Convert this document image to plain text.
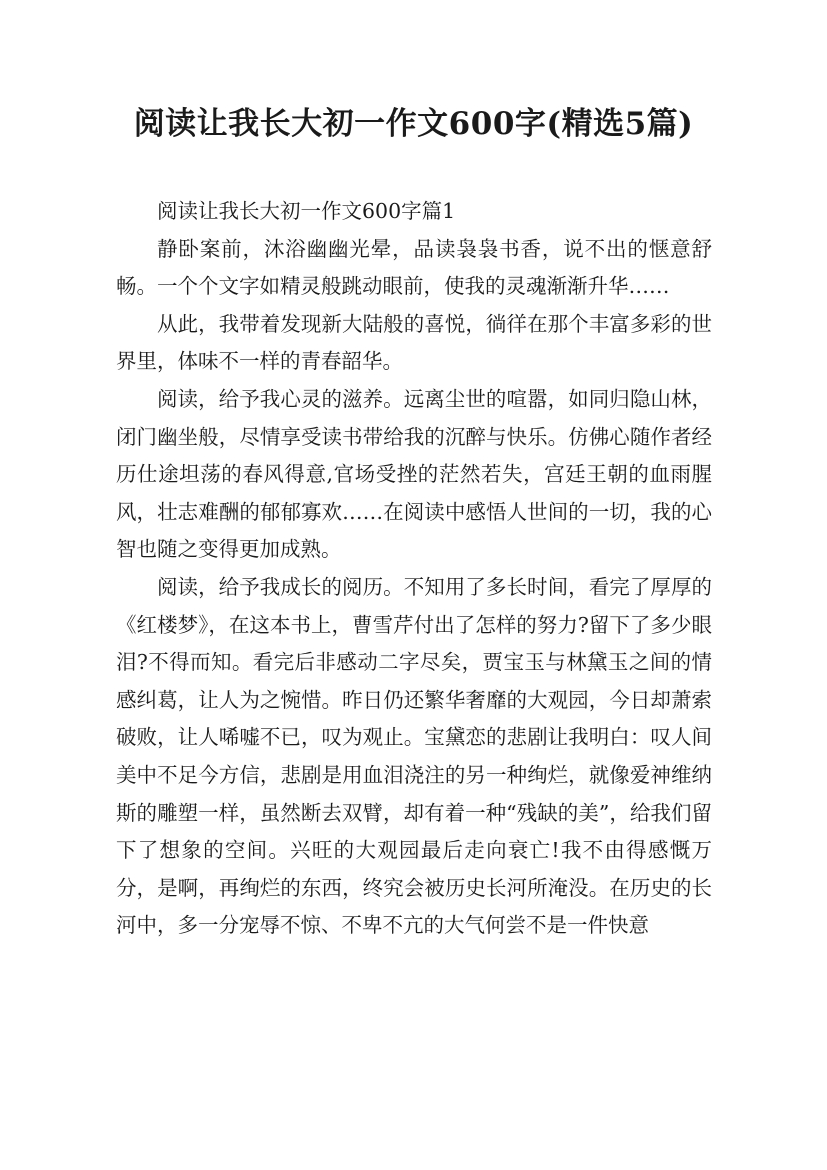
阅读让我长大初一作文600字(精选5篇)

阅读让我长大初一作文600字篇1

静卧案前，沐浴幽幽光晕，品读袅袅书香，说不出的惬意舒畅。一个个文字如精灵般跳动眼前，使我的灵魂渐渐升华……

从此，我带着发现新大陆般的喜悦，徜徉在那个丰富多彩的世界里，体味不一样的青春韶华。

阅读，给予我心灵的滋养。远离尘世的喧嚣，如同归隐山林，闭门幽坐般，尽情享受读书带给我的沉醉与快乐。仿佛心随作者经历仕途坦荡的春风得意,官场受挫的茫然若失，宫廷王朝的血雨腥风，壮志难酬的郁郁寡欢……在阅读中感悟人世间的一切，我的心智也随之变得更加成熟。

阅读，给予我成长的阅历。不知用了多长时间，看完了厚厚的《红楼梦》，在这本书上，曹雪芹付出了怎样的努力?留下了多少眼泪?不得而知。看完后非感动二字尽矣，贾宝玉与林黛玉之间的情感纠葛，让人为之惋惜。昨日仍还繁华奢靡的大观园，今日却萧索破败，让人唏嘘不已，叹为观止。宝黛恋的悲剧让我明白：叹人间美中不足今方信，悲剧是用血泪浇注的另一种绚烂，就像爱神维纳斯的雕塑一样，虽然断去双臂，却有着一种“残缺的美”，给我们留下了想象的空间。兴旺的大观园最后走向衰亡!我不由得感慨万分，是啊，再绚烂的东西，终究会被历史长河所淹没。在历史的长河中，多一分宠辱不惊、不卑不亢的大气何尝不是一件快意
